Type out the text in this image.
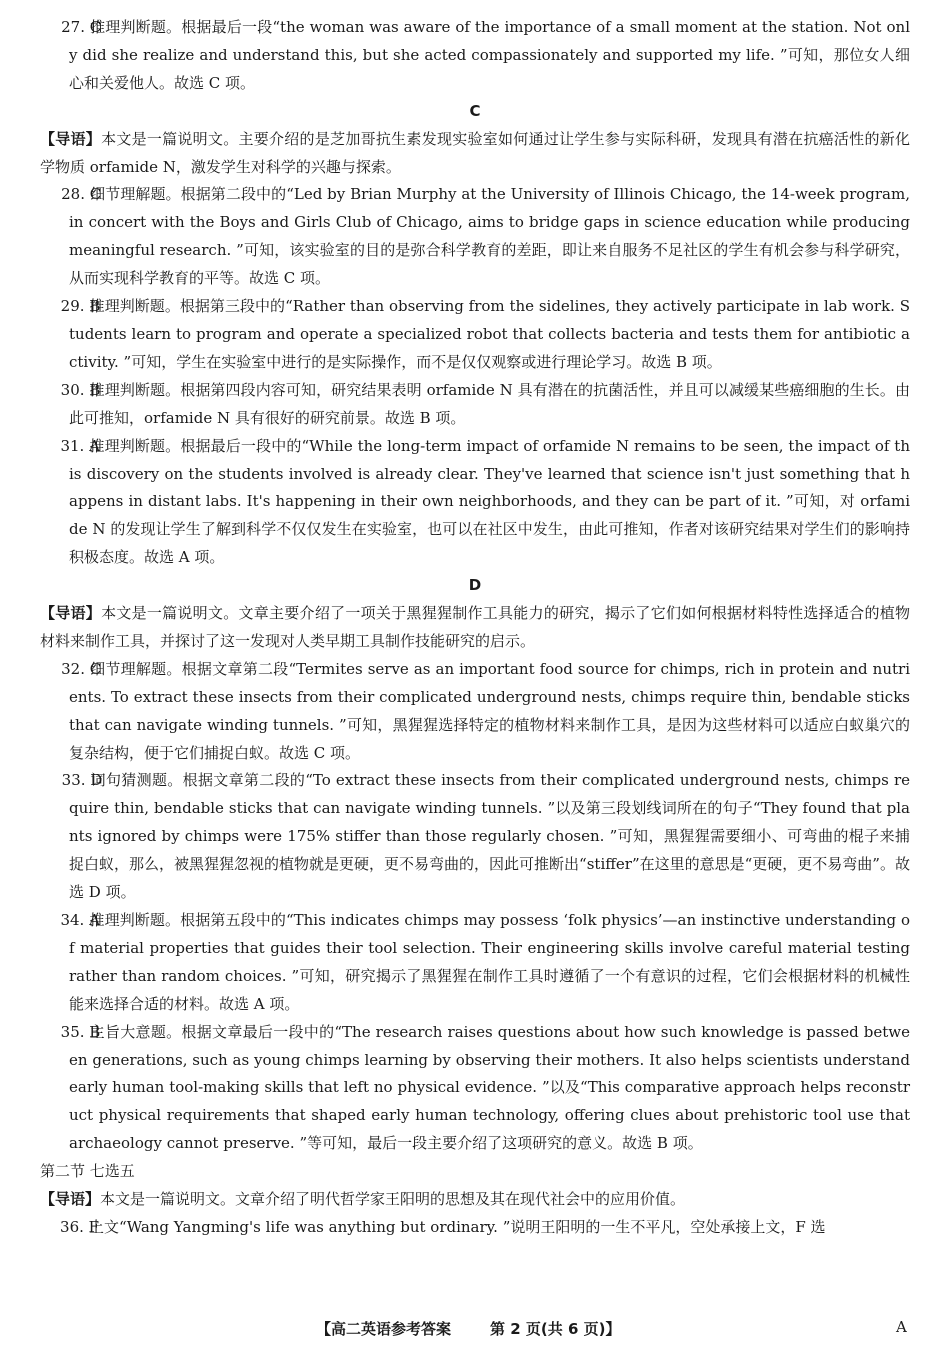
27. C
推理判断题。根据最后一段“the woman was aware of the importance of a small moment at the station. Not only did she realize and understand this, but she acted compassionately and supported my life. ”可知，那位女人细心和关爱他人。故选 C 项。
C
【导语】本文是一篇说明文。主要介绍的是芝加哥抗生素发现实验室如何通过让学生参与实际科研，发现具有潜在抗癌活性的新化学物质 orfamide N，激发学生对科学的兴趣与探索。
28. C
细节理解题。根据第二段中的“Led by Brian Murphy at the University of Illinois Chicago, the 14-week program, in concert with the Boys and Girls Club of Chicago, aims to bridge gaps in science education while producing meaningful research. ”可知，该实验室的目的是弥合科学教育的差距，即让来自服务不足社区的学生有机会参与科学研究，从而实现科学教育的平等。故选 C 项。
29. B
推理判断题。根据第三段中的“Rather than observing from the sidelines, they actively participate in lab work. Students learn to program and operate a specialized robot that collects bacteria and tests them for antibiotic activity. ”可知，学生在实验室中进行的是实际操作，而不是仅仅观察或进行理论学习。故选 B 项。
30. B
推理判断题。根据第四段内容可知，研究结果表明 orfamide N 具有潜在的抗菌活性，并且可以减缓某些癌细胞的生长。由此可推知，orfamide N 具有很好的研究前景。故选 B 项。
31. A
推理判断题。根据最后一段中的“While the long-term impact of orfamide N remains to be seen, the impact of this discovery on the students involved is already clear. They've learned that science isn't just something that happens in distant labs. It's happening in their own neighborhoods, and they can be part of it. ”可知，对 orfamide N 的发现让学生了解到科学不仅仅发生在实验室，也可以在社区中发生，由此可推知，作者对该研究结果对学生们的影响持积极态度。故选 A 项。
D
【导语】本文是一篇说明文。文章主要介绍了一项关于黑猩猩制作工具能力的研究，揭示了它们如何根据材料特性选择适合的植物材料来制作工具，并探讨了这一发现对人类早期工具制作技能研究的启示。
32. C
细节理解题。根据文章第二段“Termites serve as an important food source for chimps, rich in protein and nutrients. To extract these insects from their complicated underground nests, chimps require thin, bendable sticks that can navigate winding tunnels. ”可知，黑猩猩选择特定的植物材料来制作工具，是因为这些材料可以适应白蚁巢穴的复杂结构，便于它们捕捉白蚁。故选 C 项。
33. D
词句猜测题。根据文章第二段的“To extract these insects from their complicated underground nests, chimps require thin, bendable sticks that can navigate winding tunnels. ”以及第三段划线词所在的句子“They found that plants ignored by chimps were 175% stiffer than those regularly chosen. ”可知，黑猩猩需要细小、可弯曲的棍子来捕捉白蚁，那么，被黑猩猩忽视的植物就是更硬，更不易弯曲的，因此可推断出“stiffer”在这里的意思是“更硬，更不易弯曲”。故选 D 项。
34. A
推理判断题。根据第五段中的“This indicates chimps may possess ‘folk physics’—an instinctive understanding of material properties that guides their tool selection. Their engineering skills involve careful material testing rather than random choices. ”可知，研究揭示了黑猩猩在制作工具时遵循了一个有意识的过程，它们会根据材料的机械性能来选择合适的材料。故选 A 项。
35. B
主旨大意题。根据文章最后一段中的“The research raises questions about how such knowledge is passed between generations, such as young chimps learning by observing their mothers. It also helps scientists understand early human tool-making skills that left no physical evidence. ”以及“This comparative approach helps reconstruct physical requirements that shaped early human technology, offering clues about prehistoric tool use that archaeology cannot preserve. ”等可知，最后一段主要介绍了这项研究的意义。故选 B 项。
第二节 七选五
【导语】本文是一篇说明文。文章介绍了明代哲学家王阳明的思想及其在现代社会中的应用价值。
36. F
上文“Wang Yangming's life was anything but ordinary. ”说明王阳明的一生不平凡，空处承接上文，F 选
【高二英语参考答案	第 2 页(共 6 页)】	A
